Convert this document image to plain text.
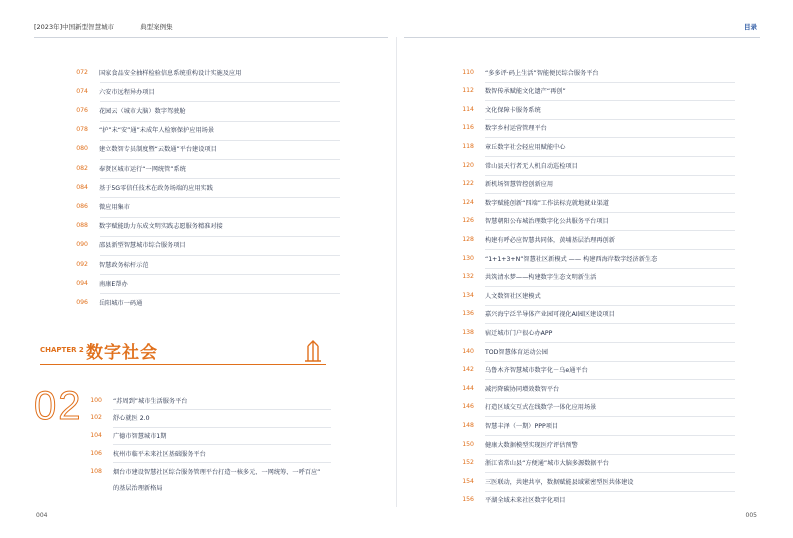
[2023年]中国新型智慧城市	典型案例集	目录
072 国家食品安全抽样检验信息系统重构设计实施及应用
074 六安市远程异办项目
076 花园云（城市大脑）数字驾驶舱
078 “护”未“安”通”未成年人检察保护应用场景
080 建立数智专员制度暨“云数通”平台建设项目
082 奉贤区城市运行“一网统管”系统
084 基于5G零信任技术在政务场端的应用实践
086 微应用集市
088 数字赋能助力东成文明实践志愿服务精准对接
090 邵县新型智慧城市综合服务项目
092 智慧政务标杆示范
094 南康E帮办
096 岳阳城市一码通
CHAPTER 2 数字社会
02	100 “苏周到”城市生活服务平台
102 舒心就医 2.0
104 广德市智慧城市1期
106 杭州市临平未来社区基础服务平台
108 烟台市建设智慧社区综合服务管理平台打造一核多元、一网统筹、一呼百应”
的基层治理新格局
110 “多多评·码上生活”智能便民综合服务平台
112 数智传承赋能文化遗产“再创”
114 文化保障卡服务系统
116 数字乡村运营管理平台
118 章丘数字社会轻应用赋能中心
120 常山县天行者无人机自动巡检项目
122 新机场智慧管控创新应用
124 数字赋能创新“四端”工作法标克就地就业渠道
126 智慧朝阳公布城治理数字化公共服务平台项目
128 构建有呼必应智慧共同体，黄埔基层治理再创新
130 “1+1+3+N”智慧社区新模式 —— 构建西海岸数字经济新生态
132 共筑清水梦——构建数字生态文明新生活
134 人文数智社区建模式
136 嘉兴海宁泛半导体产业园可视化AI园区建设项目
138 宿迁城市门户很心办APP
140 TOD智慧体育运动公园
142 乌鲁木齐智慧城市数字化－乌e通平台
144 减污降碳协同增效数智平台
146 打造区域交互式在线数学一体化应用场景
148 智慧丰泽（一期）PPP项目
150 健康大数据模型实现医疗评估预警
152 浙江省常山县“方便通”城市大脑多源数据平台
154 三医联动，共建共享，数据赋能县域紧密型医共体建设
156 平湖全域未来社区数字化项目
004	005
